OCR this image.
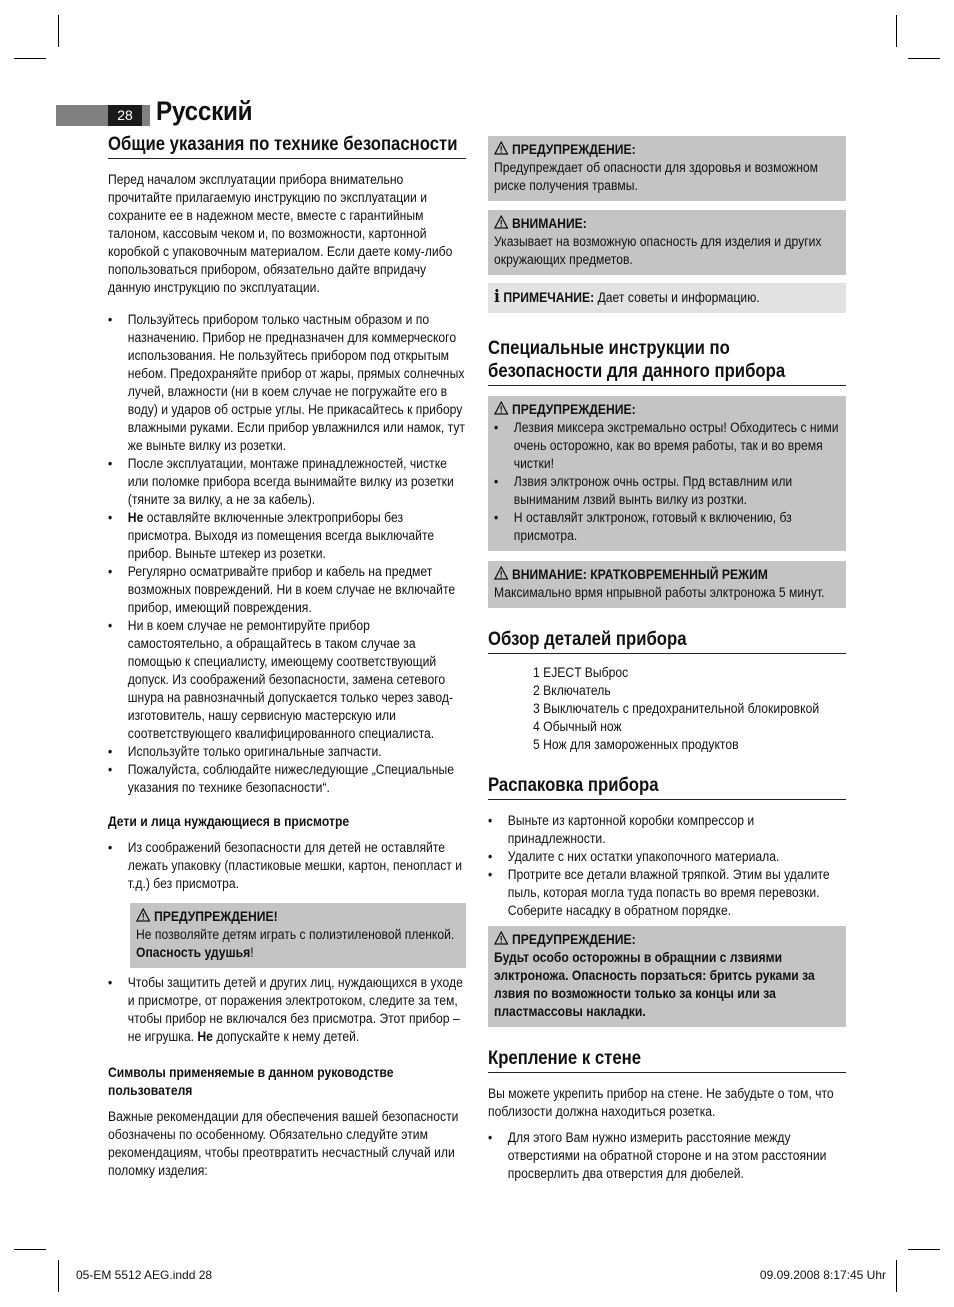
28 Русский
Общие указания по технике безопасности

Перед началом эксплуатации прибора внимательно прочитайте прилагаемую инструкцию по эксплуатации и сохраните ее в надежном месте, вместе с гарантийным талоном, кассовым чеком и, по возможности, картонной коробкой с упаковочным материалом. Если даете кому-либо попользоваться прибором, обязательно дайте впридачу данную инструкцию по эксплуатации.

• Пользуйтесь прибором только частным образом и по назначению. Прибор не предназначен для коммерческого использования. Не пользуйтесь прибором под открытым небом. Предохраняйте прибор от жары, прямых солнечных лучей, влажности (ни в коем случае не погружайте его в воду) и ударов об острые углы. Не прикасайтесь к прибору влажными руками. Если прибор увлажнился или намок, тут же выньте вилку из розетки.
• После эксплуатации, монтаже принадлежностей, чистке или поломке прибора всегда вынимайте вилку из розетки (тяните за вилку, а не за кабель).
• Не оставляйте включенные электроприборы без присмотра. Выходя из помещения всегда выключайте прибор. Выньте штекер из розетки.
• Регулярно осматривайте прибор и кабель на предмет возможных повреждений. Ни в коем случае не включайте прибор, имеющий повреждения.
• Ни в коем случае не ремонтируйте прибор самостоятельно, а обращайтесь в таком случае за помощью к специалисту, имеющему соответствующий допуск. Из соображений безопасности, замена сетевого шнура на равнозначный допускается только через завод-изготовитель, нашу сервисную мастерскую или соответствующего квалифицированного специалиста.
• Используйте только оригинальные запчасти.
• Пожалуйста, соблюдайте нижеследующие „Специальные указания по технике безопасности“.
Дети и лица нуждающиеся в присмотре
• Из соображений безопасности для детей не оставляйте лежать упаковку (пластиковые мешки, картон, пенопласт и т.д.) без присмотра.
ПРЕДУПРЕЖДЕНИЕ!

Не позволяйте детям играть с полиэтиленовой пленкой. Опасность удушья!

• Чтобы защитить детей и других лиц, нуждающихся в уходе и присмотре, от поражения электротоком, следите за тем, чтобы прибор не включался без присмотра. Этот прибор – не игрушка. Не допускайте к нему детей.
Символы применяемые в данном руководстве пользователя

Важные рекомендации для обеспечения вашей безопасности обозначены по особенному. Обязательно следуйте этим рекомендациям, чтобы преотвратить несчастный случай или поломку изделия:

ПРЕДУПРЕЖДЕНИЕ:

Предупреждает об опасности для здоровья и возможном риске получения травмы.

ВНИМАНИЕ:

Указывает на возможную опасность для изделия и других окружающих предметов.

i ПРИМЕЧАНИЕ: Дает советы и информацию.

Специальные инструкции по безопасности для данного прибора
ПРЕДУПРЕЖДЕНИЕ:
• Лезвия миксера экстремально остры! Обходитесь с ними очень осторожно, как во время работы, так и во время чистки!
• Лзвия элктронож очнь остры. Прд вставлним или выниманим лзвий вынть вилку из розтки.
• Н оставляйт элктронож, готовый к включению, бз присмотра.
ВНИМАНИЕ: КРАТКОВРЕМЕННЫЙ РЕЖИМ

Максимально врмя нпрывной работы элктроножа 5 минут.

Обзор деталей прибора
1 EJECT Выброс
2 Включатель
3 Выключатель с предохранительной блокировкой
4 Обычный нож
5 Нож для замороженных продуктов
Распаковка прибора
• Выньте из картонной коробки компрессор и принадлежности.
• Удалите с них остатки упакопочного материала.
• Протрите все детали влажной тряпкой. Этим вы удалите пыль, которая могла туда попасть во время перевозки. Соберите насадку в обратном порядке.
ПРЕДУПРЕЖДЕНИЕ:

Будьт особо осторожны в обращнии с лзвиями элктроножа. Опасность порзаться: бритсь руками за лзвия по возможности только за концы или за пластмассовы накладки.

Крепление к стене

Вы можете укрепить прибор на стене. Не забудьте о том, что поблизости должна находиться розетка.

• Для этого Вам нужно измерить расстояние между отверстиями на обратной стороне и на этом расстоянии просверлить два отверстия для дюбелей.
05-EM 5512 AEG.indd 28	09.09.2008 8:17:45 Uhr
